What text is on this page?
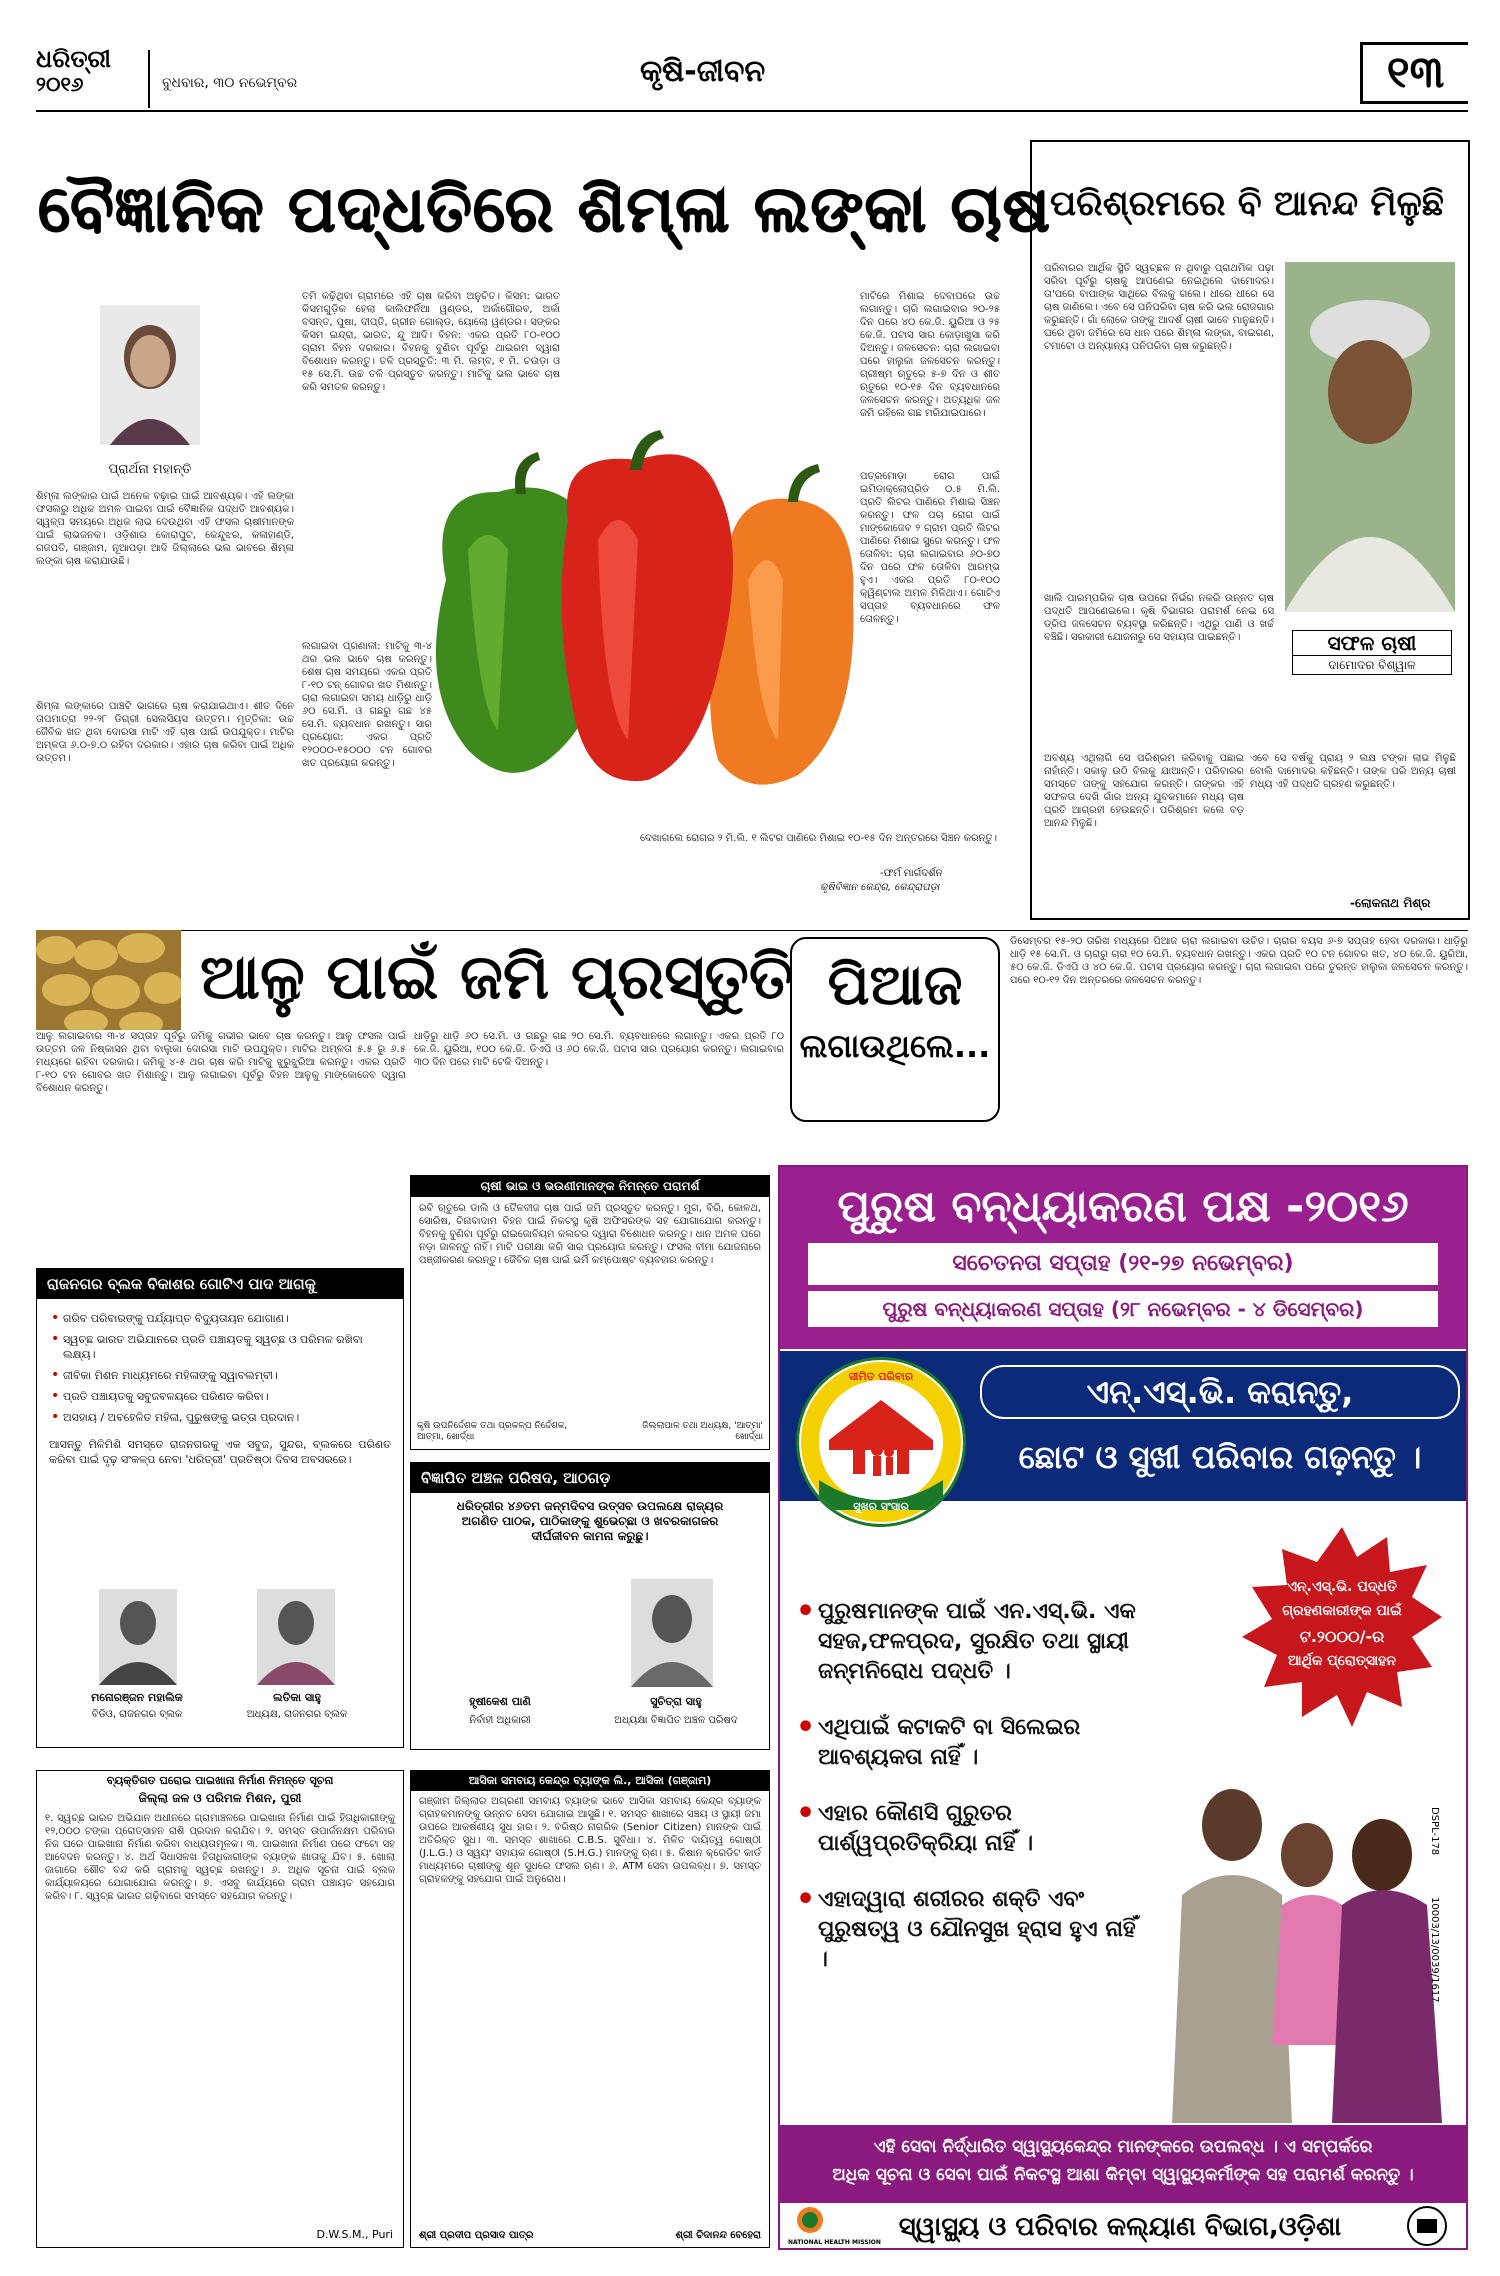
ଧରିତ୍ରୀ
୨୦୧୬	ବୁଧବାର, ୩୦ ନଭେମ୍ବର	କୃଷି-ଜୀବନ	୧୩
ବୈଜ୍ଞାନିକ ପଦ୍ଧତିରେ ଶିମ୍ଳା ଲଙ୍କା ଚାଷ
ପ୍ରାର୍ଥନା ମହାନ୍ତି
ଶିମ୍ଳା ଲଙ୍କାର ପାଇଁ ଅନେକ ବଢ଼ାଇ ପାଇଁ ଆବଶ୍ୟକ। ଏହି ଲଙ୍କା ଫସଲରୁ ଅଧିକ ଅମଳ ପାଇବା ପାଇଁ ବୈଜ୍ଞାନିକ ପଦ୍ଧତି ଆବଶ୍ୟକ। ସ୍ୱଳ୍ପ ସମୟରେ ଅଧିକ ଲାଭ ଦେଉଥିବା ଏହି ଫସଲ ଚାଷୀମାନଙ୍କ ପାଇଁ ଲାଭଜନକ। ଓଡ଼ିଶାର କୋରାପୁଟ, କେନ୍ଦୁଝର, କଳାହାଣ୍ଡି, ଗଜପତି, ଗଞ୍ଜାମ, ନୂଆପଡ଼ା ଆଦି ଜିଲ୍ଲାରେ ଭଲ ଭାବରେ ଶିମ୍ଳା ଲଙ୍କା ଚାଷ କରାଯାଉଛି।
ଶିମ୍ଳା ଲଙ୍କାରେ ପାଞ୍ଚଟି ଭାଗରେ ଚାଷ କରାଯାଇଥାଏ। ଶୀତ ଦିନେ ତାପମାତ୍ରା ୨୨-୨୮ ଡିଗ୍ରୀ ସେଲସିୟସ ଉତ୍ତମ। ମୃତ୍ତିକା: ଉଚ୍ଚ ଜୈବିକ ଖତ ଥିବା ଦୋରସା ମାଟି ଏହି ଚାଷ ପାଇଁ ଉପଯୁକ୍ତ। ମାଟିର ଅମ୍ଳତା ୬.୦-୭.୦ ରହିବା ଦରକାର। ଏହାର ଚାଷ କରିବା ପାଇଁ ଅଧିକ ଉତ୍ତମ।
ତମି କଢ଼ିଥିବା ଗ୍ରାମରେ ଏହି ଚାଷ କରିବା ଅନୁଚିତ। କିସମ: ଭାରତ କିସମଗୁଡ଼ିକ ହେଲା କାଲିଫର୍ନିଆ ୱଣ୍ଡର, ଅର୍କାଗୌରବ, ଅର୍କା ବସନ୍ତ, ପୁଷା, ଦୀପ୍ତି, ଗ୍ରୀନ ଗୋଲ୍ଡ, ୟୋଲୋ ୱଣ୍ଡର। ସଙ୍କର କିସମ ଇନ୍ଦ୍ରା, ଭାରତ, ନ୍ଦୁ ଆଦି। ବିହନ: ଏକର ପ୍ରତି ୮୦-୧୦୦ ଗ୍ରାମ ବିହନ ଦରକାର। ବିହନକୁ ବୁଣିବା ପୂର୍ବରୁ ଥାଇରମ ଦ୍ୱାରା ବିଶୋଧନ କରନ୍ତୁ। ତଳି ପ୍ରସ୍ତୁତି: ୩ ମି. ଲମ୍ବ, ୧ ମି. ଚଉଡ଼ା ଓ ୧୫ ସେ.ମି. ଉଚ୍ଚ ତଳି ପ୍ରସ୍ତୁତ କରନ୍ତୁ। ମାଟିକୁ ଭଲ ଭାବେ ଚାଷ କରି ସମତଳ କରନ୍ତୁ।
ଲଗାଇବା ପ୍ରଣାଳୀ: ମାଟିକୁ ୩-୪ ଥର ଭଲ ଭାବେ ଚାଷ କରନ୍ତୁ। ଶେଷ ଚାଷ ସମୟରେ ଏକର ପ୍ରତି ୮-୧୦ ଟନ୍ ଗୋବର ଖତ ମିଶାନ୍ତୁ। ଚାରା ଲଗାଇବା ସମୟ ଧାଡ଼ିରୁ ଧାଡ଼ି ୬୦ ସେ.ମି. ଓ ଗଛରୁ ଗଛ ୪୫ ସେ.ମି. ବ୍ୟବଧାନ ରଖନ୍ତୁ। ସାର ପ୍ରୟୋଗ: ଏକର ପ୍ରତି ୧୨୦୦୦-୧୫୦୦୦ ଟନ ଗୋବର ଖତ ପ୍ରୟୋଗ କରନ୍ତୁ।
ମାଟିରେ ମିଶାଇ ଦେବାପରେ ଉଚ୍ଚ ଲଗାନ୍ତୁ। ଚାରି ଲଗାଇବାର ୨୦-୨୫ ଦିନ ପରେ ୪୦ କେ.ଜି. ୟୁରିଆ ଓ ୨୫ କେ.ଜି. ପଟାସ ସାର କୋଡ଼ାଖୁସା କରି ଦିଅନ୍ତୁ। ଜଳସେଚନ: ଚାରା ଲଗାଇବା ପରେ ହାଲୁକା ଜଳସେଚନ କରନ୍ତୁ। ଗ୍ରୀଷ୍ମ ଋତୁରେ ୫-୭ ଦିନ ଓ ଶୀତ ଋତୁରେ ୧୦-୧୫ ଦିନ ବ୍ୟବଧାନରେ ଜଳସେଚନ କରନ୍ତୁ। ଅତ୍ୟଧିକ ଜଳ ଜମି ରହିଲେ ଗଛ ମରିଯାଇପାରେ।
ପତ୍ରମୋଡ଼ା ରୋଗ ପାଇଁ ଇମିଡାକ୍ଲୋପ୍ରିଡ ୦.୫ ମି.ଲି. ପ୍ରତି ଲିଟର ପାଣିରେ ମିଶାଇ ସିଞ୍ଚନ କରନ୍ତୁ। ଫଳ ପଚା ରୋଗ ପାଇଁ ମାଙ୍କୋଜେବ ୨ ଗ୍ରାମ ପ୍ରତି ଲିଟର ପାଣିରେ ମିଶାଇ ସ୍ପ୍ରେ କରନ୍ତୁ। ଫଳ ତୋଳିବା: ଚାରା ଲଗାଇବାର ୬୦-୭୦ ଦିନ ପରେ ଫଳ ତୋଳିବା ଆରମ୍ଭ ହୁଏ। ଏକର ପ୍ରତି ୮୦-୧୦୦ କ୍ୱିଣ୍ଟାଲ ଅମଳ ମିଳିଥାଏ। ଗୋଟିଏ ସପ୍ତାହ ବ୍ୟବଧାନରେ ଫଳ ତୋଳନ୍ତୁ।
ଦେଖାଗଲେ ରୋଗର ୨ ମି.ଲି. ୧ ଲିଟର ପାଣିରେ ମିଶାଇ ୧୦-୧୫ ଦିନ ଅନ୍ତରରେ ସିଞ୍ଚନ କରନ୍ତୁ।
-ଫର୍ମ ମାର୍ଗଦର୍ଶନ
କୃଷିବିଜ୍ଞାନ କେନ୍ଦ୍ର, କେନ୍ଦ୍ରାପଡ଼ା
ପରିଶ୍ରମରେ ବି ଆନନ୍ଦ ମିଳୁଛି
ପରିବାରର ଆର୍ଥିକ ସ୍ଥିତି ସ୍ୱଚ୍ଛଳ ନ ଥିବାରୁ ପ୍ରାଥମିକ ପଢ଼ା ସରିବା ପୂର୍ବରୁ ଚାଷକୁ ଆପଣେଇ ନେଇଥିଲେ ଦାମୋଦର। ତା'ପରେ ବାପାଙ୍କ ସାଥିରେ ବିଲକୁ ଗଲେ। ଧୀରେ ଧୀରେ ସେ ଚାଷ ଜାଣିଲେ। ଏବେ ସେ ପନିପରିବା ଚାଷ କରି ଭଲ ରୋଜଗାର କରୁଛନ୍ତି। ଗାଁ ଲୋକେ ତାଙ୍କୁ ଆଦର୍ଶ ଚାଷୀ ଭାବେ ମାନୁଛନ୍ତି। ଘରେ ଥିବା ଜମିରେ ସେ ଧାନ ପରେ ଶିମ୍ଳା ଲଙ୍କା, ବାଇଗଣ, ଟମାଟୋ ଓ ଅନ୍ୟାନ୍ୟ ପନିପରିବା ଚାଷ କରୁଛନ୍ତି।
ଖାଲି ପାରମ୍ପରିକ ଚାଷ ଉପରେ ନିର୍ଭର ନକରି ଉନ୍ନତ ଚାଷ ପଦ୍ଧତି ଆପଣେଇଲେ। କୃଷି ବିଭାଗର ପରାମର୍ଶ ନେଇ ସେ ଡ୍ରିପ ଜଳସେଚନ ବ୍ୟବସ୍ଥା କରିଛନ୍ତି। ଏଥିରୁ ପାଣି ଓ ଖର୍ଚ୍ଚ ବଞ୍ଚିଛି। ସରକାରୀ ଯୋଜନାରୁ ସେ ସହାୟତା ପାଇଛନ୍ତି।	ସଫଳ ଚାଷୀ
ଦାମୋଦର ବିଶ୍ୱାଳ
ଅବଶ୍ୟ ଏଥିଲାଗି ସେ ପରିଶ୍ରମ କରିବାକୁ ପଛାଇ ନାହାଁନ୍ତି। ସକାଳୁ ଉଠି ବିଲକୁ ଯାଆନ୍ତି। ପରିବାରର ସମସ୍ତେ ତାଙ୍କୁ ସହଯୋଗ କରନ୍ତି। ତାଙ୍କର ଏହି ସଫଳତା ଦେଖି ଗାଁର ଅନ୍ୟ ଯୁବକମାନେ ମଧ୍ୟ ଚାଷ ପ୍ରତି ଆଗ୍ରହୀ ହେଉଛନ୍ତି। ପରିଶ୍ରମ କଲେ ବଡ଼ ଆନନ୍ଦ ମିଳୁଛି।
ଏବେ ସେ ବର୍ଷକୁ ପ୍ରାୟ ୨ ଲକ୍ଷ ଟଙ୍କା ଲାଭ ମିଳୁଛି ବୋଲି ଦାମୋଦର କହିଛନ୍ତି। ତାଙ୍କ ପରି ଅନ୍ୟ ଚାଷୀ ମଧ୍ୟ ଏହି ପଦ୍ଧତି ଗ୍ରହଣ କରୁଛନ୍ତି।
-ଲୋକନାଥ ମିଶ୍ର
ଆଳୁ ପାଇଁ ଜମି ପ୍ରସ୍ତୁତି
ଆଳୁ ଲଗାଇବାର ୩-୪ ସପ୍ତାହ ପୂର୍ବରୁ ଜମିକୁ ଗଭୀର ଭାବେ ଚାଷ କରନ୍ତୁ। ଆଳୁ ଫସଲ ପାଇଁ ଉତ୍ତମ ଜଳ ନିଷ୍କାସନ ଥିବା ବାଲୁକା ଦୋରସା ମାଟି ଉପଯୁକ୍ତ। ମାଟିର ଅମ୍ଳତା ୫.୫ ରୁ ୬.୫ ମଧ୍ୟରେ ରହିବା ଦରକାର। ଜମିକୁ ୪-୫ ଥର ଚାଷ କରି ମାଟିକୁ ଝୁରୁଝୁରିଆ କରନ୍ତୁ। ଏକର ପ୍ରତି ୮-୧୦ ଟନ ଗୋବର ଖତ ମିଶାନ୍ତୁ। ଆଳୁ ଲଗାଇବା ପୂର୍ବରୁ ବିହନ ଆଳୁକୁ ମାଙ୍କୋଜେବ ଦ୍ୱାରା ବିଶୋଧନ କରନ୍ତୁ।
ଧାଡ଼ିରୁ ଧାଡ଼ି ୬୦ ସେ.ମି. ଓ ଗଛରୁ ଗଛ ୨୦ ସେ.ମି. ବ୍ୟବଧାନରେ ଲଗାନ୍ତୁ। ଏକର ପ୍ରତି ୮୦ କେ.ଜି. ୟୁରିଆ, ୧୦୦ କେ.ଜି. ଡିଏପି ଓ ୬୦ କେ.ଜି. ପଟାସ ସାର ପ୍ରୟୋଗ କରନ୍ତୁ। ଲଗାଇବାର ୩୦ ଦିନ ପରେ ମାଟି ଟେକି ଦିଅନ୍ତୁ।
ପିଆଜ
ଲଗାଉଥିଲେ...
ଡିସେମ୍ବର ୧୫-୨୦ ତାରିଖ ମଧ୍ୟରେ ପିଆଜ ଚାରା ଲଗାଇବା ଉଚିତ। ଚାରାର ବୟସ ୬-୭ ସପ୍ତାହ ହେବା ଦରକାର। ଧାଡ଼ିରୁ ଧାଡ଼ି ୧୫ ସେ.ମି. ଓ ଚାରାରୁ ଚାରା ୧୦ ସେ.ମି. ବ୍ୟବଧାନ ରଖନ୍ତୁ। ଏକର ପ୍ରତି ୧୦ ଟନ ଗୋବର ଖତ, ୪୦ କେ.ଜି. ୟୁରିଆ, ୫୦ କେ.ଜି. ଡିଏପି ଓ ୪୦ କେ.ଜି. ପଟାସ ପ୍ରୟୋଗ କରନ୍ତୁ। ଚାରା ଲଗାଇବା ପରେ ତୁରନ୍ତ ହାଲୁକା ଜଳସେଚନ କରନ୍ତୁ। ପରେ ୧୦-୧୨ ଦିନ ଅନ୍ତରରେ ଜଳସେଚନ କରନ୍ତୁ।
ଚାଷୀ ଭାଇ ଓ ଭଉଣୀମାନଙ୍କ ନିମନ୍ତେ ପରାମର୍ଶ
ରବି ଋତୁରେ ଡାଲି ଓ ତୈଳବୀଜ ଚାଷ ପାଇଁ ଜମି ପ୍ରସ୍ତୁତ କରନ୍ତୁ। ମୁଗ, ବିରି, କୋଳଥ, ସୋରିଷ, ଚିନାବାଦାମ ବିହନ ପାଇଁ ନିକଟସ୍ଥ କୃଷି ଅଫିସରଙ୍କ ସହ ଯୋଗାଯୋଗ କରନ୍ତୁ। ବିହନକୁ ବୁଣିବା ପୂର୍ବରୁ ରାଇଜୋବିୟମ କଲଚର ଦ୍ୱାରା ବିଶୋଧନ କରନ୍ତୁ। ଧାନ ଅମଳ ପରେ ନଡ଼ା ଜାଳନ୍ତୁ ନାହିଁ। ମାଟି ପରୀକ୍ଷା କରି ସାର ପ୍ରୟୋଗ କରନ୍ତୁ। ଫସଲ ବୀମା ଯୋଜନାରେ ପଞ୍ଜୀକରଣ କରନ୍ତୁ। ଜୈବିକ ଚାଷ ପାଇଁ ଭର୍ମି କମ୍ପୋଷ୍ଟ ବ୍ୟବହାର କରନ୍ତୁ।
କୃଷି ଉପନିର୍ଦ୍ଦେଶକ ତଥା ପ୍ରକଳ୍ପ ନିର୍ଦ୍ଦେଶକ, ଆତ୍ମା, ଖୋର୍ଦ୍ଧା
ଜିଲ୍ଲାପାଳ ତଥା ଅଧ୍ୟକ୍ଷ, 'ଆତ୍ମା' ଖୋର୍ଦ୍ଧା
ରାଜନଗର ବ୍ଲକ ବିକାଶର ଗୋଟିଏ ପାଦ ଆଗକୁ
• ଗରିବ ପରିବାରଙ୍କୁ ପର୍ଯ୍ୟାପ୍ତ ବିଦ୍ୟୁତାୟନ ଯୋଗାଣ।
• ସ୍ୱଚ୍ଛ ଭାରତ ଅଭିଯାନରେ ପ୍ରତି ପଞ୍ଚାୟତକୁ ସ୍ୱଚ୍ଛ ଓ ପରିମଳ ରଖିବା ଲକ୍ଷ୍ୟ।
• ଜୀବିକା ମିଶନ ମାଧ୍ୟମରେ ମହିଳାଙ୍କୁ ସ୍ୱାବଲମ୍ବୀ।
• ପ୍ରତି ପଞ୍ଚାୟତକୁ ସବୁଜବଳୟରେ ପରିଣତ କରିବା।
• ଅସହାୟ / ଅବହେଳିତ ମହିଳା, ପୁରୁଷଙ୍କୁ ଭତ୍ତା ପ୍ରଦାନ।
ଆସନ୍ତୁ ମିଳିମିଶି ସମସ୍ତେ ରାଜନଗରକୁ ଏକ ସବୁଜ, ସୁନ୍ଦର, ବ୍ଲକରେ ପରିଣତ କରିବା ପାଇଁ ଦୃଢ଼ ସଂକଳ୍ପ ନେବା 'ଧରିତ୍ରୀ' ପ୍ରତିଷ୍ଠା ଦିବସ ଅବସରରେ।
ମନୋରଞ୍ଜନ ମହାଲିକ
ବିଡିଓ, ରାଜନଗର ବ୍ଲକ
ଲତିକା ସାହୁ
ଅଧ୍ୟକ୍ଷ, ରାଜନଗର ବ୍ଲକ
ବିଜ୍ଞାପିତ ଅଞ୍ଚଳ ପରିଷଦ, ଆଠଗଡ଼
ଧରିତ୍ରୀର ୪୬ତମ ଜନ୍ମଦିବସ ଉତ୍ସବ ଉପଲକ୍ଷେ ରାଜ୍ୟର
ଅଗଣିତ ପାଠକ, ପାଠିକାଙ୍କୁ ଶୁଭେଚ୍ଛା ଓ ଖବରକାଗଜର
ଦୀର୍ଘଜୀବନ କାମନା କରୁଛୁ।
ହୃଷୀକେଶ ପାଣି
ନିର୍ବାହୀ ଅଧିକାରୀ
ସୁଚିତ୍ରା ସାହୁ
ଅଧ୍ୟକ୍ଷା ବିଜ୍ଞାପିତ ଅଞ୍ଚଳ ପରିଷଦ
ବ୍ୟକ୍ତିଗତ ଘରୋଇ ପାଇଖାନା ନିର୍ମାଣ ନିମନ୍ତେ ସୂଚନା
ଜିଲ୍ଲା ଜଳ ଓ ପରିମଳ ମିଶନ, ପୁରୀ
୧. ସ୍ୱଚ୍ଛ ଭାରତ ଅଭିଯାନ ଅଧୀନରେ ଗ୍ରାମାଞ୍ଚଳରେ ପାଇଖାନା ନିର୍ମାଣ ପାଇଁ ହିତାଧିକାରୀଙ୍କୁ ୧୨,୦୦୦ ଟଙ୍କା ପ୍ରୋତ୍ସାହନ ରାଶି ପ୍ରଦାନ କରାଯିବ। ୨. ସମସ୍ତ ଉପାର୍ଜନକ୍ଷମ ପରିବାର ନିଜ ଘରେ ପାଇଖାନା ନିର୍ମାଣ କରିବା ବାଧ୍ୟତାମୂଳକ। ୩. ପାଇଖାନା ନିର୍ମାଣ ପରେ ଫଟୋ ସହ ଆବେଦନ କରନ୍ତୁ। ୪. ଅର୍ଥ ସିଧାସଳଖ ହିତାଧିକାରୀଙ୍କ ବ୍ୟାଙ୍କ ଖାତାକୁ ଯିବ। ୫. ଖୋଲା ଜାଗାରେ ଶୌଚ ବନ୍ଦ କରି ଗ୍ରାମକୁ ସ୍ୱଚ୍ଛ ରଖନ୍ତୁ। ୬. ଅଧିକ ସୂଚନା ପାଇଁ ବ୍ଲକ କାର୍ଯ୍ୟାଳୟରେ ଯୋଗାଯୋଗ କରନ୍ତୁ। ୭. ଏସବୁ କାର୍ଯ୍ୟରେ ଗ୍ରାମ ପଞ୍ଚାୟତ ସହଯୋଗ କରିବ। ୮. ସ୍ୱଚ୍ଛ ଭାରତ ଗଢ଼ିବାରେ ସମସ୍ତେ ସହଯୋଗ କରନ୍ତୁ।
D.W.S.M., Puri
ଆସିକା ସମବାୟ କେନ୍ଦ୍ର ବ୍ୟାଙ୍କ ଲି., ଆସିକା (ଗଞ୍ଜାମ)
ଗଞ୍ଜାମ ଜିଲ୍ଲାର ଅଗ୍ରଣୀ ସମବାୟ ବ୍ୟାଙ୍କ ଭାବେ ଆସିକା ସମବାୟ କେନ୍ଦ୍ର ବ୍ୟାଙ୍କ ଗ୍ରାହକମାନଙ୍କୁ ଉନ୍ନତ ସେବା ଯୋଗାଇ ଆସୁଛି। ୧. ସମସ୍ତ ଶାଖାରେ ସଞ୍ଚୟ ଓ ସ୍ଥାୟୀ ଜମା ଉପରେ ଆକର୍ଷଣୀୟ ସୁଧ ହାର। ୨. ବରିଷ୍ଠ ନାଗରିକ (Senior Citizen) ମାନଙ୍କ ପାଇଁ ଅତିରିକ୍ତ ସୁଧ। ୩. ସମସ୍ତ ଶାଖାରେ C.B.S. ସୁବିଧା। ୪. ମିଳିତ ଦାୟିତ୍ୱ ଗୋଷ୍ଠୀ (J.L.G.) ଓ ସ୍ୱୟଂ ସହାୟକ ଗୋଷ୍ଠୀ (S.H.G.) ମାନଙ୍କୁ ଋଣ। ୫. କିଷାନ କ୍ରେଡିଟ କାର୍ଡ ମାଧ୍ୟମରେ ଚାଷୀଙ୍କୁ ଶୂନ ସୁଧରେ ଫସଲ ଋଣ। ୬. ATM ସେବା ଉପଲବ୍ଧ। ୭. ସମସ୍ତ ଗ୍ରାହକଙ୍କୁ ସହଯୋଗ ପାଇଁ ଅନୁରୋଧ।
ଶ୍ରୀ ପ୍ରଦୀପ ପ୍ରସାଦ ପାତ୍ର	ଶ୍ରୀ ଚିଦାନନ୍ଦ ବେହେରା
ପୁରୁଷ ବନ୍ଧ୍ୟାକରଣ ପକ୍ଷ -୨୦୧୬
ସଚେତନତା ସପ୍ତାହ (୨୧-୨୭ ନଭେମ୍ବର)
ପୁରୁଷ ବନ୍ଧ୍ୟାକରଣ ସପ୍ତାହ (୨୮ ନଭେମ୍ବର - ୪ ଡିସେମ୍ବର)
ଏନ୍.ଏସ୍.ଭି. କରାନ୍ତୁ,
ଛୋଟ ଓ ସୁଖୀ ପରିବାର ଗଢ଼ନ୍ତୁ ।
ସୀମିତ ପରିବାର
ସୁଖର ସଂସାର
ଏନ୍.ଏସ୍.ଭି. ପଦ୍ଧତି
ଗ୍ରହଣକାରୀଙ୍କ ପାଇଁ
ଟ.୨୦୦୦/-ର
ଆର୍ଥିକ ପ୍ରୋତ୍ସାହନ
• ପୁରୁଷମାନଙ୍କ ପାଇଁ ଏନ.ଏସ୍.ଭି. ଏକ ସହଜ,ଫଳପ୍ରଦ, ସୁରକ୍ଷିତ ତଥା ସ୍ଥାୟୀ ଜନ୍ମନିରୋଧ ପଦ୍ଧତି ।
• ଏଥିପାଇଁ କଟାକଟି ବା ସିଲେଇର ଆବଶ୍ୟକତା ନାହିଁ ।
• ଏହାର କୌଣସି ଗୁରୁତର ପାର୍ଶ୍ୱପ୍ରତିକ୍ରିୟା ନାହିଁ ।
• ଏହାଦ୍ୱାରା ଶରୀରର ଶକ୍ତି ଏବଂ ପୁରୁଷତ୍ୱ ଓ ଯୌନସୁଖ ହ୍ରାସ ହୁଏ ନାହିଁ ।
DSPL-178
10003/13/0039/1617
ଏହି ସେବା ନିର୍ଦ୍ଧାରିତ ସ୍ୱାସ୍ଥ୍ୟକେନ୍ଦ୍ର ମାନଙ୍କରେ ଉପଲବ୍ଧ । ଏ ସମ୍ପର୍କରେ
ଅଧିକ ସୂଚନା ଓ ସେବା ପାଇଁ ନିକଟସ୍ଥ ଆଶା କିମ୍ବା ସ୍ୱାସ୍ଥ୍ୟକର୍ମୀଙ୍କ ସହ ପରାମର୍ଶ କରନ୍ତୁ ।
NATIONAL HEALTH MISSION
ସ୍ୱାସ୍ଥ୍ୟ ଓ ପରିବାର କଲ୍ୟାଣ ବିଭାଗ,ଓଡ଼ିଶା
